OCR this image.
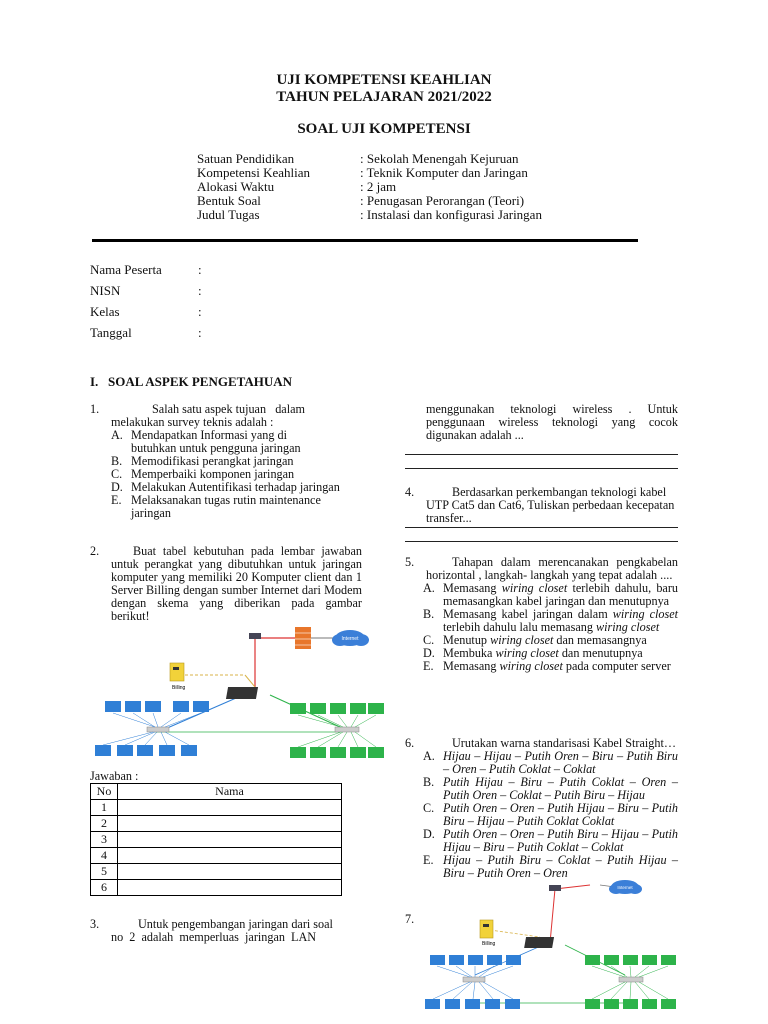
UJI KOMPETENSI KEAHLIAN
TAHUN PELAJARAN 2021/2022
SOAL UJI KOMPETENSI
Satuan Pendidikan	: Sekolah Menengah Kejuruan
Kompetensi Keahlian	: Teknik Komputer dan Jaringan
Alokasi Waktu	: 2 jam
Bentuk Soal	: Penugasan Perorangan (Teori)
Judul Tugas	: Instalasi dan konfigurasi Jaringan
Nama Peserta	:
NISN	:
Kelas	:
Tanggal	:
I.   SOAL ASPEK PENGETAHUAN
1.	Salah satu aspek tujuan   dalam
melakukan survey teknis adalah :
A. Mendapatkan Informasi yang di butuhkan untuk pengguna jaringan
B. Memodifikasi perangkat jaringan
C. Memperbaiki komponen jaringan
D. Melakukan Autentifikasi terhadap jaringan
E. Melaksanakan tugas rutin maintenance jaringan
2.	Buat tabel kebutuhan pada lembar jawaban untuk perangkat yang dibutuhkan untuk jaringan komputer yang memiliki 20 Komputer client dan 1 Server Billing dengan sumber Internet dari Modem dengan skema yang diberikan pada gambar berikut!
Internet
Billing
Jawaban :
No	Nama
1	
2	
3	
4	
5	
6	
3.	Untuk pengembangan jaringan dari soal
no  2  adalah  memperluas  jaringan  LAN
menggunakan teknologi wireless . Untuk penggunaan wireless teknologi yang cocok digunakan adalah ...
4.	Berdasarkan perkembangan teknologi kabel UTP Cat5 dan Cat6, Tuliskan perbedaan kecepatan transfer...
5.	Tahapan dalam merencanakan pengkabelan horizontal , langkah- langkah yang tepat adalah ....
A. Memasang wiring closet terlebih dahulu, baru memasangkan kabel jaringan dan menutupnya
B. Memasang kabel jaringan dalam wiring closet terlebih dahulu lalu memasang wiring closet
C. Menutup wiring closet dan memasangnya
D. Membuka wiring closet dan menutupnya
E. Memasang wiring closet pada computer server
6.	Urutakan warna standarisasi Kabel Straight…
A. Hijau – Hijau – Putih Oren – Biru – Putih Biru – Oren – Putih Coklat – Coklat
B. Putih Hijau – Biru – Putih Coklat – Oren – Putih Oren – Coklat – Putih Biru – Hijau
C. Putih Oren – Oren – Putih Hijau – Biru – Putih Biru – Hijau – Putih Coklat Coklat
D. Putih Oren – Oren – Putih Biru – Hijau – Putih Hijau – Biru – Putih Coklat – Coklat
E. Hijau – Putih Biru – Coklat – Putih Hijau – Biru – Putih Oren – Oren
7.
Internet
Billing
